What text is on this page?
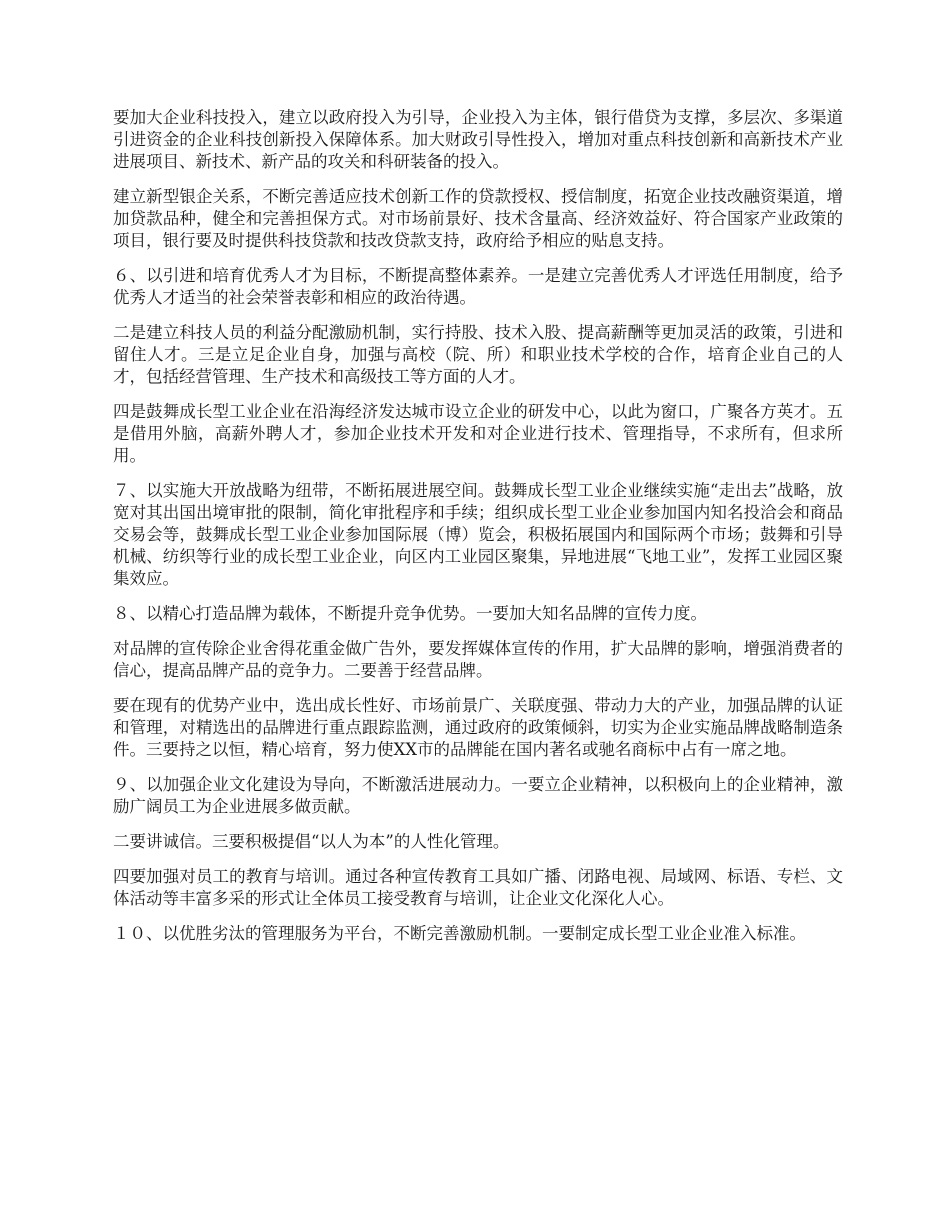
要加大企业科技投入，建立以政府投入为引导，企业投入为主体，银行借贷为支撑，多层次、多渠道引进资金的企业科技创新投入保障体系。加大财政引导性投入，增加对重点科技创新和高新技术产业进展项目、新技术、新产品的攻关和科研装备的投入。

建立新型银企关系，不断完善适应技术创新工作的贷款授权、授信制度，拓宽企业技改融资渠道，增加贷款品种，健全和完善担保方式。对市场前景好、技术含量高、经济效益好、符合国家产业政策的项目，银行要及时提供科技贷款和技改贷款支持，政府给予相应的贴息支持。

６、以引进和培育优秀人才为目标，不断提高整体素养。一是建立完善优秀人才评选任用制度，给予优秀人才适当的社会荣誉表彰和相应的政治待遇。

二是建立科技人员的利益分配激励机制，实行持股、技术入股、提高薪酬等更加灵活的政策，引进和留住人才。三是立足企业自身，加强与高校（院、所）和职业技术学校的合作，培育企业自己的人才，包括经营管理、生产技术和高级技工等方面的人才。

四是鼓舞成长型工业企业在沿海经济发达城市设立企业的研发中心，以此为窗口，广聚各方英才。五是借用外脑，高薪外聘人才，参加企业技术开发和对企业进行技术、管理指导，不求所有，但求所用。

７、以实施大开放战略为纽带，不断拓展进展空间。鼓舞成长型工业企业继续实施“走出去”战略，放宽对其出国出境审批的限制，简化审批程序和手续；组织成长型工业企业参加国内知名投洽会和商品交易会等，鼓舞成长型工业企业参加国际展（博）览会，积极拓展国内和国际两个市场；鼓舞和引导机械、纺织等行业的成长型工业企业，向区内工业园区聚集，异地进展“飞地工业”，发挥工业园区聚集效应。

８、以精心打造品牌为载体，不断提升竞争优势。一要加大知名品牌的宣传力度。

对品牌的宣传除企业舍得花重金做广告外，要发挥媒体宣传的作用，扩大品牌的影响，增强消费者的信心，提高品牌产品的竞争力。二要善于经营品牌。

要在现有的优势产业中，选出成长性好、市场前景广、关联度强、带动力大的产业，加强品牌的认证和管理，对精选出的品牌进行重点跟踪监测，通过政府的政策倾斜，切实为企业实施品牌战略制造条件。三要持之以恒，精心培育，努力使XX市的品牌能在国内著名或驰名商标中占有一席之地。

９、以加强企业文化建设为导向，不断激活进展动力。一要立企业精神，以积极向上的企业精神，激励广阔员工为企业进展多做贡献。

二要讲诚信。三要积极提倡“以人为本”的人性化管理。

四要加强对员工的教育与培训。通过各种宣传教育工具如广播、闭路电视、局域网、标语、专栏、文体活动等丰富多采的形式让全体员工接受教育与培训，让企业文化深化人心。

１０、以优胜劣汰的管理服务为平台，不断完善激励机制。一要制定成长型工业企业准入标准。
